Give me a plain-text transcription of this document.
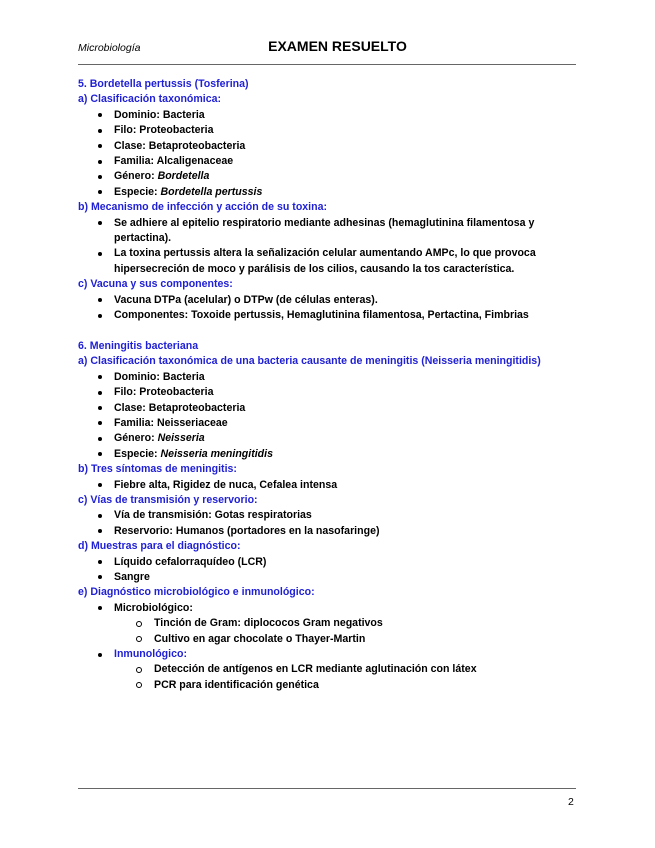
Microbiología	EXAMEN RESUELTO
5. Bordetella pertussis (Tosferina)
a) Clasificación taxonómica:
Dominio: Bacteria
Filo: Proteobacteria
Clase: Betaproteobacteria
Familia: Alcaligenaceae
Género: Bordetella
Especie: Bordetella pertussis
b) Mecanismo de infección y acción de su toxina:
Se adhiere al epitelio respiratorio mediante adhesinas (hemaglutinina filamentosa y pertactina).
La toxina pertussis altera la señalización celular aumentando AMPc, lo que provoca hipersecreción de moco y parálisis de los cilios, causando la tos característica.
c) Vacuna y sus componentes:
Vacuna DTPa (acelular) o DTPw (de células enteras).
Componentes: Toxoide pertussis, Hemaglutinina filamentosa, Pertactina, Fimbrias
6. Meningitis bacteriana
a) Clasificación taxonómica de una bacteria causante de meningitis (Neisseria meningitidis)
Dominio: Bacteria
Filo: Proteobacteria
Clase: Betaproteobacteria
Familia: Neisseriaceae
Género: Neisseria
Especie: Neisseria meningitidis
b) Tres síntomas de meningitis:
Fiebre alta, Rigidez de nuca, Cefalea intensa
c) Vías de transmisión y reservorio:
Vía de transmisión: Gotas respiratorias
Reservorio: Humanos (portadores en la nasofaringe)
d) Muestras para el diagnóstico:
Líquido cefalorraquídeo (LCR)
Sangre
e) Diagnóstico microbiológico e inmunológico:
Microbiológico:
Tinción de Gram: diplococos Gram negativos
Cultivo en agar chocolate o Thayer-Martin
Inmunológico:
Detección de antígenos en LCR mediante aglutinación con látex
PCR para identificación genética
2
